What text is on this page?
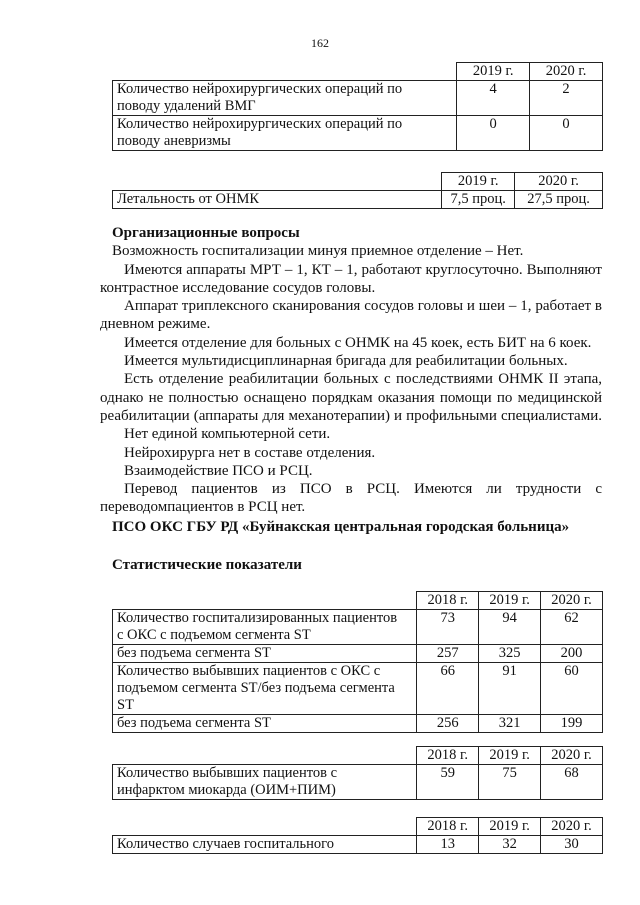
162
	2019 г.	2020 г.
Количество нейрохирургических операций по
поводу удалений ВМГ	4	2
Количество нейрохирургических операций по
поводу аневризмы	0	0
	2019 г.	2020 г.
Летальность от ОНМК	7,5 проц.	27,5 проц.
Организационные вопросы
Возможность госпитализации минуя приемное отделение – Нет.
Имеются аппараты МРТ – 1, КТ – 1, работают круглосуточно. Выполняют
контрастное исследование сосудов головы.
Аппарат триплексного сканирования сосудов головы и шеи – 1, работает в
дневном режиме.
Имеется отделение для больных с ОНМК на 45 коек, есть БИТ на 6 коек.
Имеется мультидисциплинарная бригада для реабилитации больных.
Есть отделение реабилитации больных с последствиями ОНМК II этапа,
однако не полностью оснащено порядкам оказания помощи по медицинской
реабилитации (аппараты для механотерапии) и профильными специалистами.
Нет единой компьютерной сети.
Нейрохирурга нет в составе отделения.
Взаимодействие ПСО и РСЦ.
Перевод пациентов из ПСО в РСЦ. Имеются ли трудности с
переводомпациентов в РСЦ нет.
ПСО ОКС ГБУ РД «Буйнакская центральная городская больница»
Статистические показатели
	2018 г.	2019 г.	2020 г.
Количество госпитализированных пациентов
с ОКС с подъемом сегмента ST	73	94	62
без подъема сегмента ST	257	325	200
Количество выбывших пациентов с ОКС с
подъемом сегмента ST/без подъема сегмента
ST	66	91	60
без подъема сегмента ST	256	321	199
	2018 г.	2019 г.	2020 г.
Количество выбывших пациентов с
инфарктом миокарда (ОИМ+ПИМ)	59	75	68
	2018 г.	2019 г.	2020 г.
Количество случаев госпитального	13	32	30
